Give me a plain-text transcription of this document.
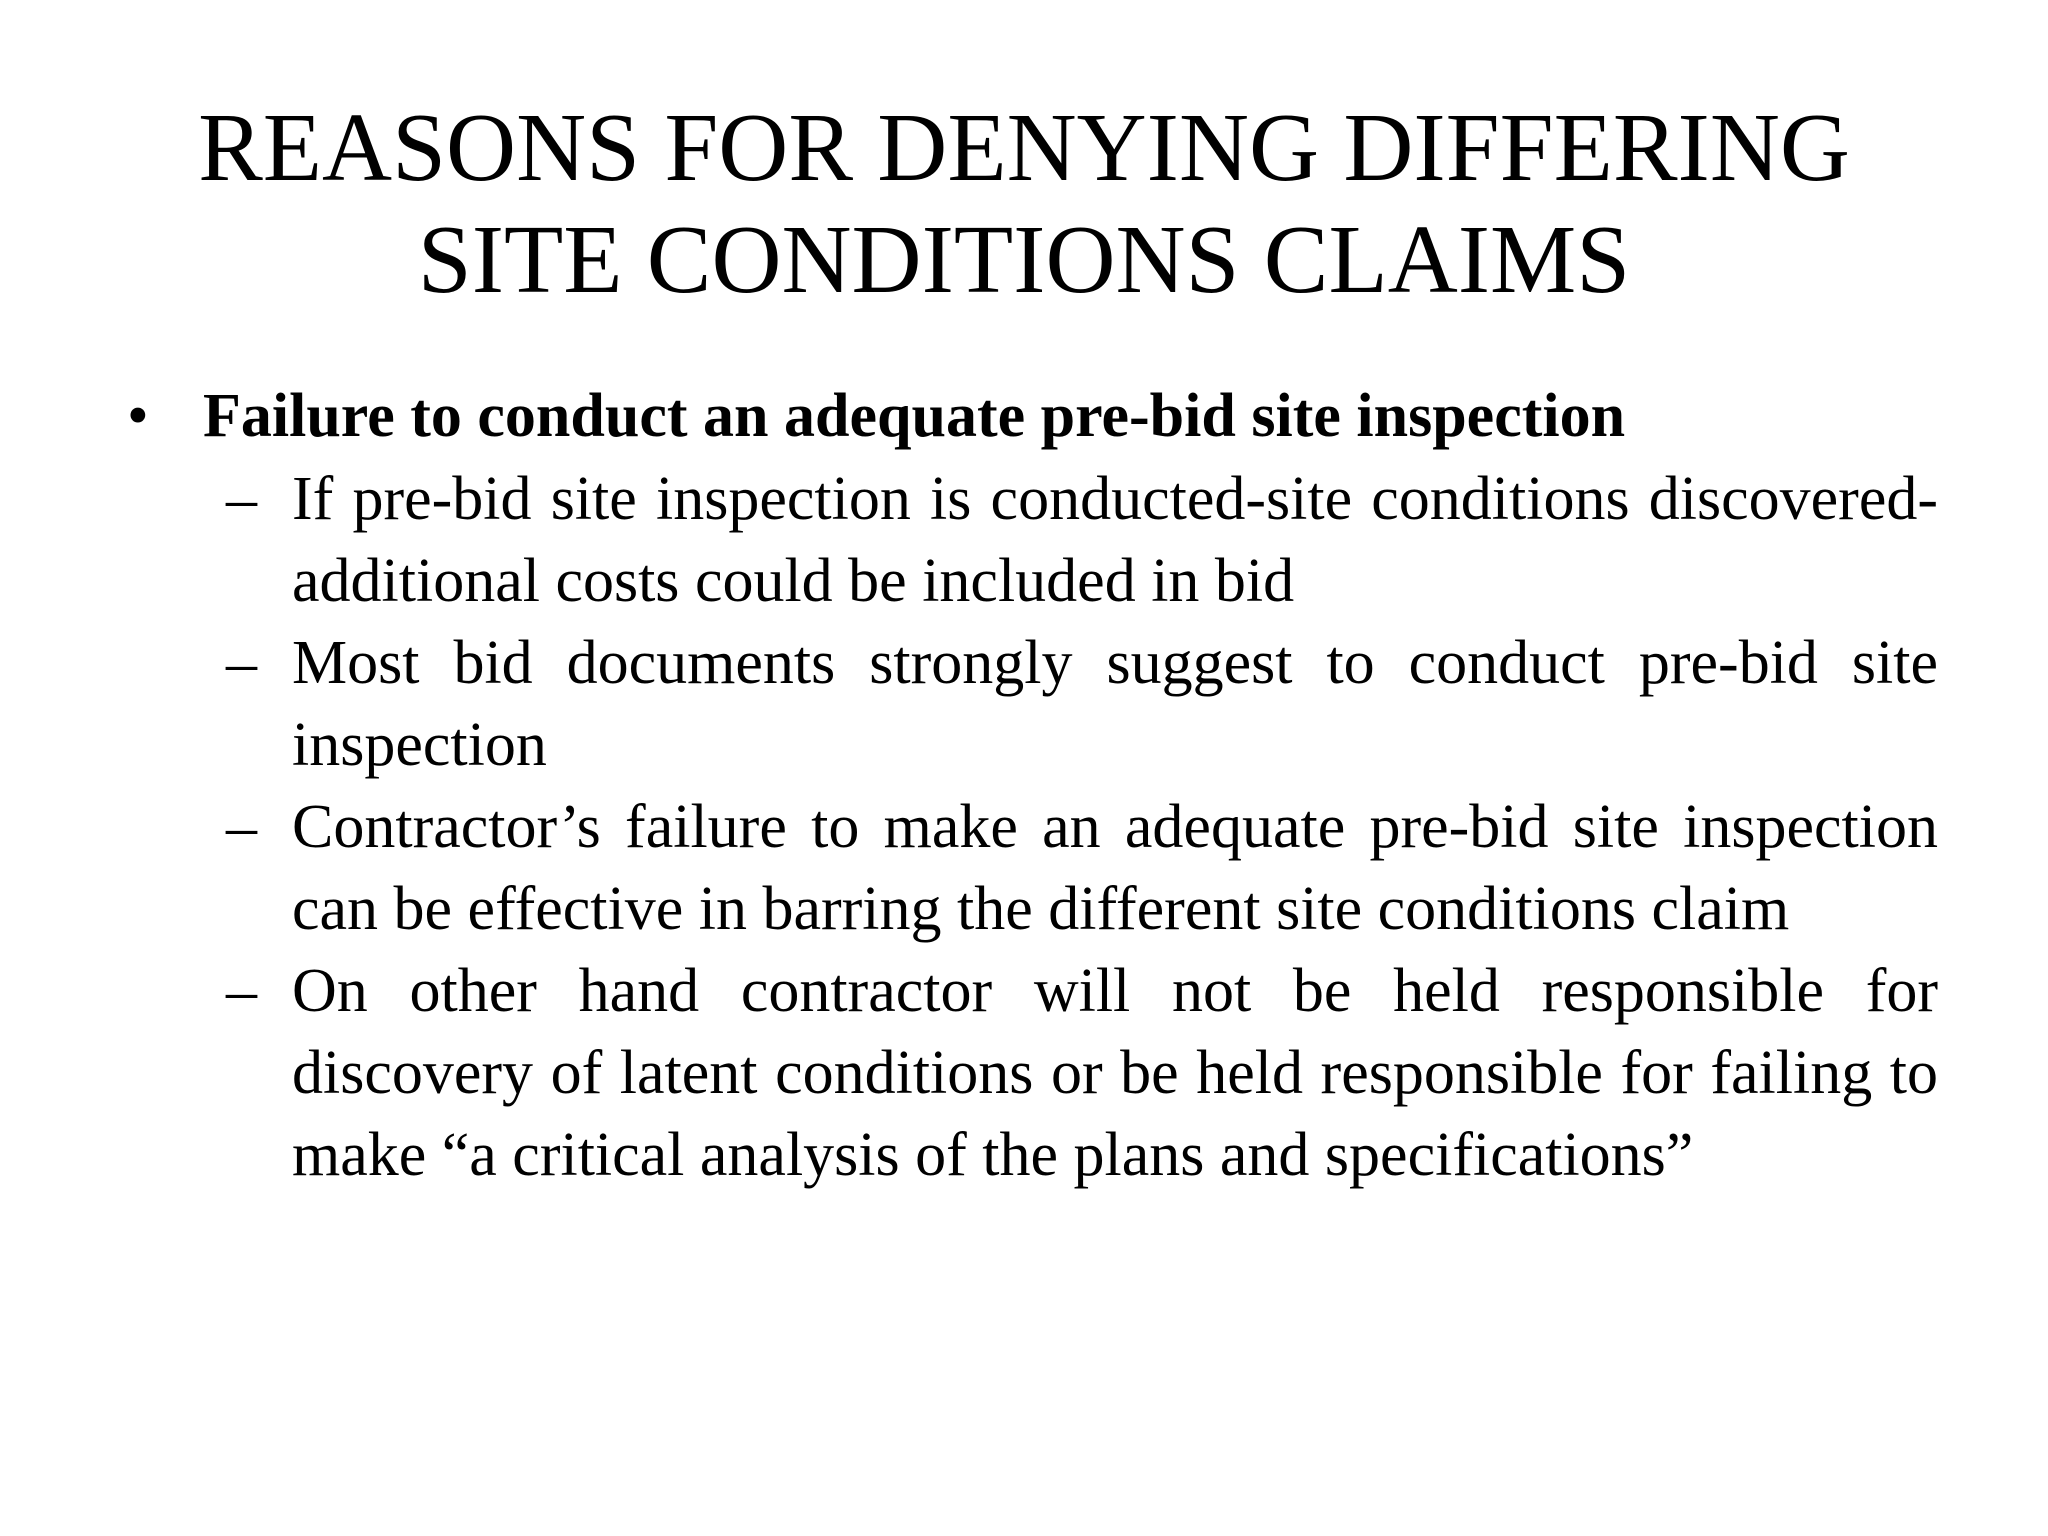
REASONS FOR DENYING DIFFERING SITE CONDITIONS CLAIMS
• Failure to conduct an adequate pre-bid site inspection
– If pre-bid site inspection is conducted-site conditions discovered-additional costs could be included in bid
– Most bid documents strongly suggest to conduct pre-bid site inspection
– Contractor’s failure to make an adequate pre-bid site inspection can be effective in barring the different site conditions claim
– On other hand contractor will not be held responsible for discovery of latent conditions or be held responsible for failing to make “a critical analysis of the plans and specifications”
